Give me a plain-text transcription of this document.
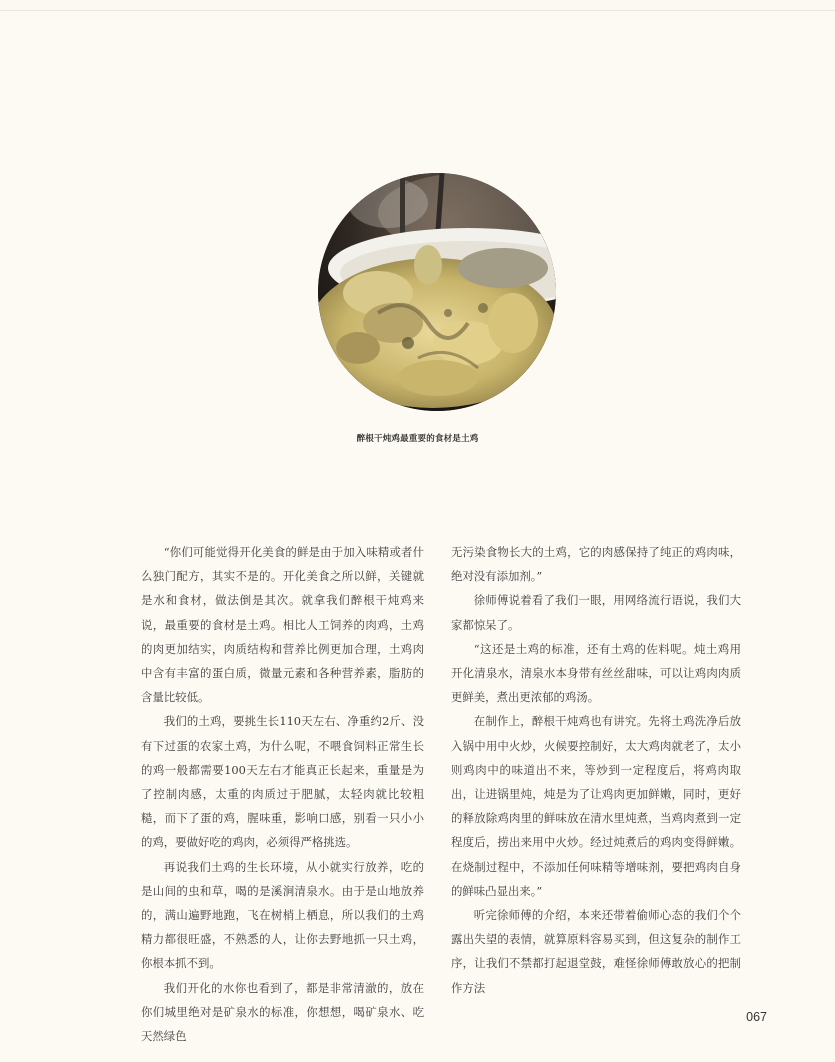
醉根干炖鸡最重要的食材是土鸡

“你们可能觉得开化美食的鲜是由于加入味精或者什么独门配方，其实不是的。开化美食之所以鲜，关键就是水和食材，做法倒是其次。就拿我们醉根干炖鸡来说，最重要的食材是土鸡。相比人工饲养的肉鸡，土鸡的肉更加结实，肉质结构和营养比例更加合理，土鸡肉中含有丰富的蛋白质，微量元素和各种营养素，脂肪的含量比较低。

我们的土鸡，要挑生长110天左右、净重约2斤、没有下过蛋的农家土鸡，为什么呢，不喂食饲料正常生长的鸡一般都需要100天左右才能真正长起来，重量是为了控制肉感，太重的肉质过于肥腻，太轻肉就比较粗糙，而下了蛋的鸡，腥味重，影响口感，别看一只小小的鸡，要做好吃的鸡肉，必须得严格挑选。

再说我们土鸡的生长环境，从小就实行放养，吃的是山间的虫和草，喝的是溪涧清泉水。由于是山地放养的，满山遍野地跑，飞在树梢上栖息，所以我们的土鸡精力都很旺盛，不熟悉的人，让你去野地抓一只土鸡，你根本抓不到。

我们开化的水你也看到了，都是非常清澈的，放在你们城里绝对是矿泉水的标准，你想想，喝矿泉水、吃天然绿色

无污染食物长大的土鸡，它的肉感保持了纯正的鸡肉味，绝对没有添加剂。”

徐师傅说着看了我们一眼，用网络流行语说，我们大家都惊呆了。

“这还是土鸡的标准，还有土鸡的佐料呢。炖土鸡用开化清泉水，清泉水本身带有丝丝甜味，可以让鸡肉肉质更鲜美，煮出更浓郁的鸡汤。

在制作上，醉根干炖鸡也有讲究。先将土鸡洗净后放入锅中用中火炒，火候要控制好，太大鸡肉就老了，太小则鸡肉中的味道出不来，等炒到一定程度后，将鸡肉取出，让进锅里炖，炖是为了让鸡肉更加鲜嫩，同时，更好的释放除鸡肉里的鲜味放在清水里炖煮，当鸡肉煮到一定程度后，捞出来用中火炒。经过炖煮后的鸡肉变得鲜嫩。在烧制过程中，不添加任何味精等增味剂，要把鸡肉自身的鲜味凸显出来。”

听完徐师傅的介绍，本来还带着偷师心态的我们个个露出失望的表情，就算原料容易买到，但这复杂的制作工序，让我们不禁都打起退堂鼓，难怪徐师傅敢放心的把制作方法

067
